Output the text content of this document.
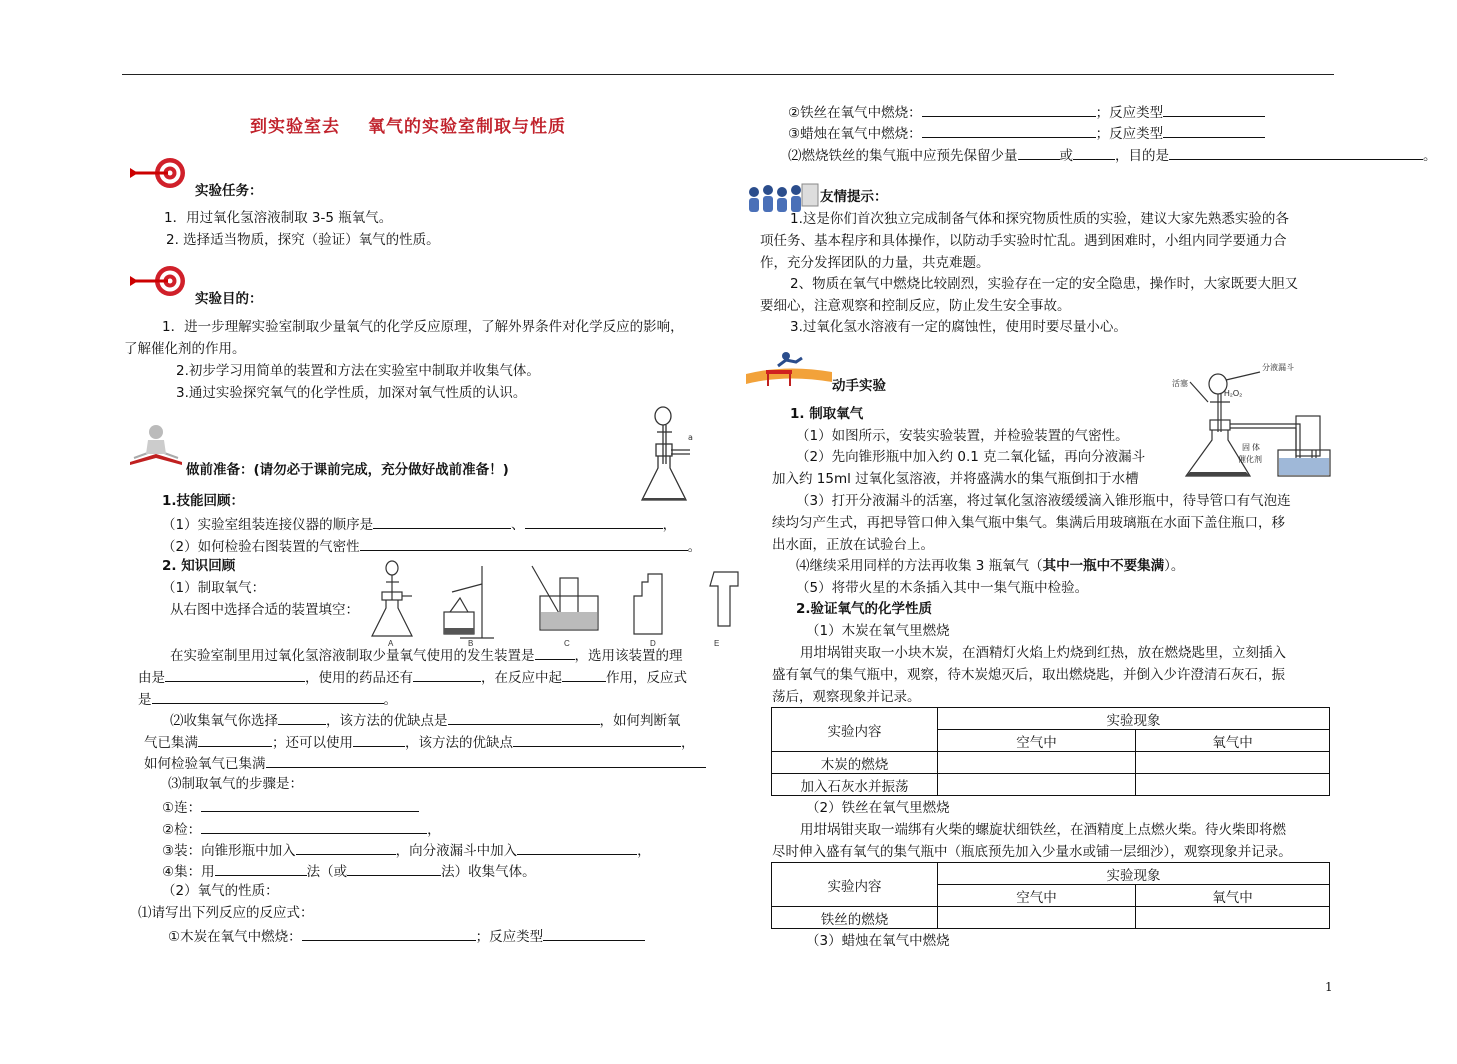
到实验室去 氧气的实验室制取与性质
实验任务：
1．用过氧化氢溶液制取 3-5 瓶氧气。
2. 选择适当物质，探究（验证）氧气的性质。
实验目的：
1．进一步理解实验室制取少量氧气的化学反应原理，了解外界条件对化学反应的影响，
了解催化剂的作用。
2.初步学习用简单的装置和方法在实验室中制取并收集气体。
3.通过实验探究氧气的化学性质，加深对氧气性质的认识。
做前准备：(请勿必于课前完成，充分做好战前准备！)
a
1.技能回顾：
（1）实验室组装连接仪器的顺序是	、	，
（2）如何检验右图装置的气密性	。
2. 知识回顾
（1）制取氧气：
从右图中选择合适的装置填空：
A	B	C	D	E
在实验室制里用过氧化氢溶液制取少量氧气使用的发生装置是	，选用该装置的理
由是	，使用的药品还有	，在反应中起	作用，反应式
是	。
⑵收集氧气你选择	，该方法的优缺点是	，如何判断氧
气已集满	；还可以使用	，该方法的优缺点	，
如何检验氧气已集满
⑶制取氧气的步骤是：
①连：
②检：	，
③装：向锥形瓶中加入	，向分液漏斗中加入	，
④集：用	法（或	法）收集气体。
（2）氧气的性质：
⑴请写出下列反应的反应式：
①木炭在氧气中燃烧：	；反应类型
②铁丝在氧气中燃烧：	；反应类型
③蜡烛在氧气中燃烧：	；反应类型
⑵燃烧铁丝的集气瓶中应预先保留少量	或	，目的是	。
友情提示：
1.这是你们首次独立完成制备气体和探究物质性质的实验，建议大家先熟悉实验的各
项任务、基本程序和具体操作，以防动手实验时忙乱。遇到困难时，小组内同学要通力合
作，充分发挥团队的力量，共克难题。
2、物质在氧气中燃烧比较剧烈，实验存在一定的安全隐患，操作时，大家既要大胆又
要细心，注意观察和控制反应，防止发生安全事故。
3.过氧化氢水溶液有一定的腐蚀性，使用时要尽量小心。
动手实验
1. 制取氧气
（1）如图所示，安装实验装置，并检验装置的气密性。
（2）先向锥形瓶中加入约 0.1 克二氧化锰，再向分液漏斗
加入约 15ml 过氧化氢溶液，并将盛满水的集气瓶倒扣于水槽
分液漏斗
活塞
H₂O₂
固 体
催化剂
（3）打开分液漏斗的活塞，将过氧化氢溶液缓缓滴入锥形瓶中，待导管口有气泡连
续均匀产生式，再把导管口伸入集气瓶中集气。集满后用玻璃瓶在水面下盖住瓶口，移
出水面，正放在试验台上。
⑷继续采用同样的方法再收集 3 瓶氧气（其中一瓶中不要集满）。
（5）将带火星的木条插入其中一集气瓶中检验。
2.验证氧气的化学性质
（1）木炭在氧气里燃烧
用坩埚钳夹取一小块木炭，在酒精灯火焰上灼烧到红热，放在燃烧匙里，立刻插入
盛有氧气的集气瓶中，观察，待木炭熄灭后，取出燃烧匙，并倒入少许澄清石灰石，振
荡后，观察现象并记录。
实验内容	实验现象	
	空气中	氧气中
木炭的燃烧		
加入石灰水并振荡		
（2）铁丝在氧气里燃烧
用坩埚钳夹取一端绑有火柴的螺旋状细铁丝，在酒精度上点燃火柴。待火柴即将燃
尽时伸入盛有氧气的集气瓶中（瓶底预先加入少量水或铺一层细沙），观察现象并记录。
实验内容	实验现象	
	空气中	氧气中
铁丝的燃烧		
（3）蜡烛在氧气中燃烧
1
